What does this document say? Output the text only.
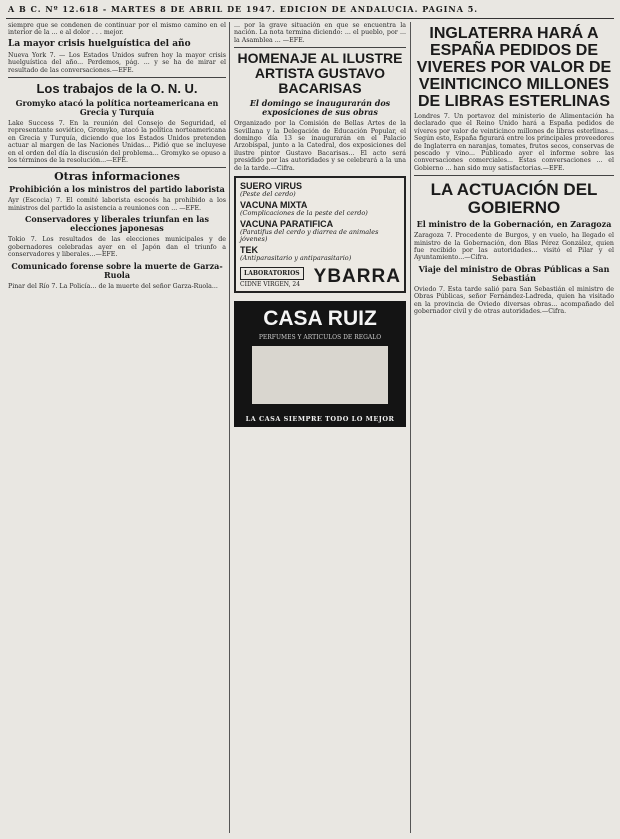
A B C. Nº 12.618 - MARTES 8 DE ABRIL DE 1947. EDICION DE ANDALUCIA. PAGINA 5.

siempre que se condenen de continuar por el mismo camino en el interior de la ... e al dolor . . . mejor.

La mayor crisis huelguística del año

Nueva York 7. — Los Estados Unidos sufren hoy la mayor crisis huelguística del año... Perdemos, pág. ... y se ha de mirar el resultado de las conversaciones.—EFE.

Los trabajos de la O. N. U.
Gromyko atacó la política norteamericana en Grecia y Turquía

Lake Success 7. En la reunión del Consejo de Seguridad, el representante soviético, Gromyko, atacó la política norteamericana en Grecia y Turquía, diciendo que los Estados Unidos pretenden actuar al margen de las Naciones Unidas... Pidió que se incluyese en el orden del día la discusión del problema... Gromyko se opuso a los términos de la resolución...—EFE.

Otras informaciones
Prohibición a los ministros del partido laborista

Ayr (Escocia) 7. El comité laborista escocés ha prohibido a los ministros del partido la asistencia a reuniones con ... —EFE.

Conservadores y liberales triunfan en las elecciones japonesas

Tokio 7. Los resultados de las elecciones municipales y de gobernadores celebradas ayer en el Japón dan el triunfo a conservadores y liberales...—EFE.

Comunicado forense sobre la muerte de Garza-Ruola

Pinar del Río 7. La Policía... de la muerte del señor Garza-Ruola...

... por la grave situación en que se encuentra la nación. La nota termina diciendo: ... el pueblo, por ... la Asamblea ... —EFE.

HOMENAJE AL ILUSTRE ARTISTA GUSTAVO BACARISAS
El domingo se inaugurarán dos exposiciones de sus obras

Organizado por la Comisión de Bellas Artes de la Sevillana y la Delegación de Educación Popular, el domingo día 13 se inaugurarán en el Palacio Arzobispal, junto a la Catedral, dos exposiciones del ilustre pintor Gustavo Bacarisas... El acto será presidido por las autoridades y se celebrará a la una de la tarde.—Cifra.

SUERO VIRUS
(Peste del cerdo)
VACUNA MIXTA
(Complicaciones de la peste del cerdo)
VACUNA PARATIFICA
(Paratifus del cerdo y diarrea de animales jóvenes)
TEK
(Antiparasitario y antiparasitario)
LABORATORIOS
CIDNE VIRGEN, 24 YBARRA
CASA RUIZ
PERFUMES Y ARTICULOS DE REGALO
LA CASA SIEMPRE TODO LO MEJOR
INGLATERRA HARÁ A ESPAÑA PEDIDOS DE VIVERES POR VALOR DE VEINTICINCO MILLONES DE LIBRAS ESTERLINAS

Londres 7. Un portavoz del ministerio de Alimentación ha declarado que el Reino Unido hará a España pedidos de víveres por valor de veinticinco millones de libras esterlinas... Según esto, España figurará entre los principales proveedores de Inglaterra en naranjas, tomates, frutos secos, conservas de pescado y vino... Publicado ayer el informe sobre las conversaciones comerciales... Estas conversaciones ... el Gobierno ... han sido muy satisfactorias.—EFE.

LA ACTUACIÓN DEL GOBIERNO
El ministro de la Gobernación, en Zaragoza

Zaragoza 7. Procedente de Burgos, y en vuelo, ha llegado el ministro de la Gobernación, don Blas Pérez González, quien fue recibido por las autoridades... visitó el Pilar y el Ayuntamiento...—Cifra.

Viaje del ministro de Obras Públicas a San Sebastián

Oviedo 7. Esta tarde salió para San Sebastián el ministro de Obras Públicas, señor Fernández-Ladreda, quien ha visitado en la provincia de Oviedo diversas obras... acompañado del gobernador civil y de otras autoridades.—Cifra.
